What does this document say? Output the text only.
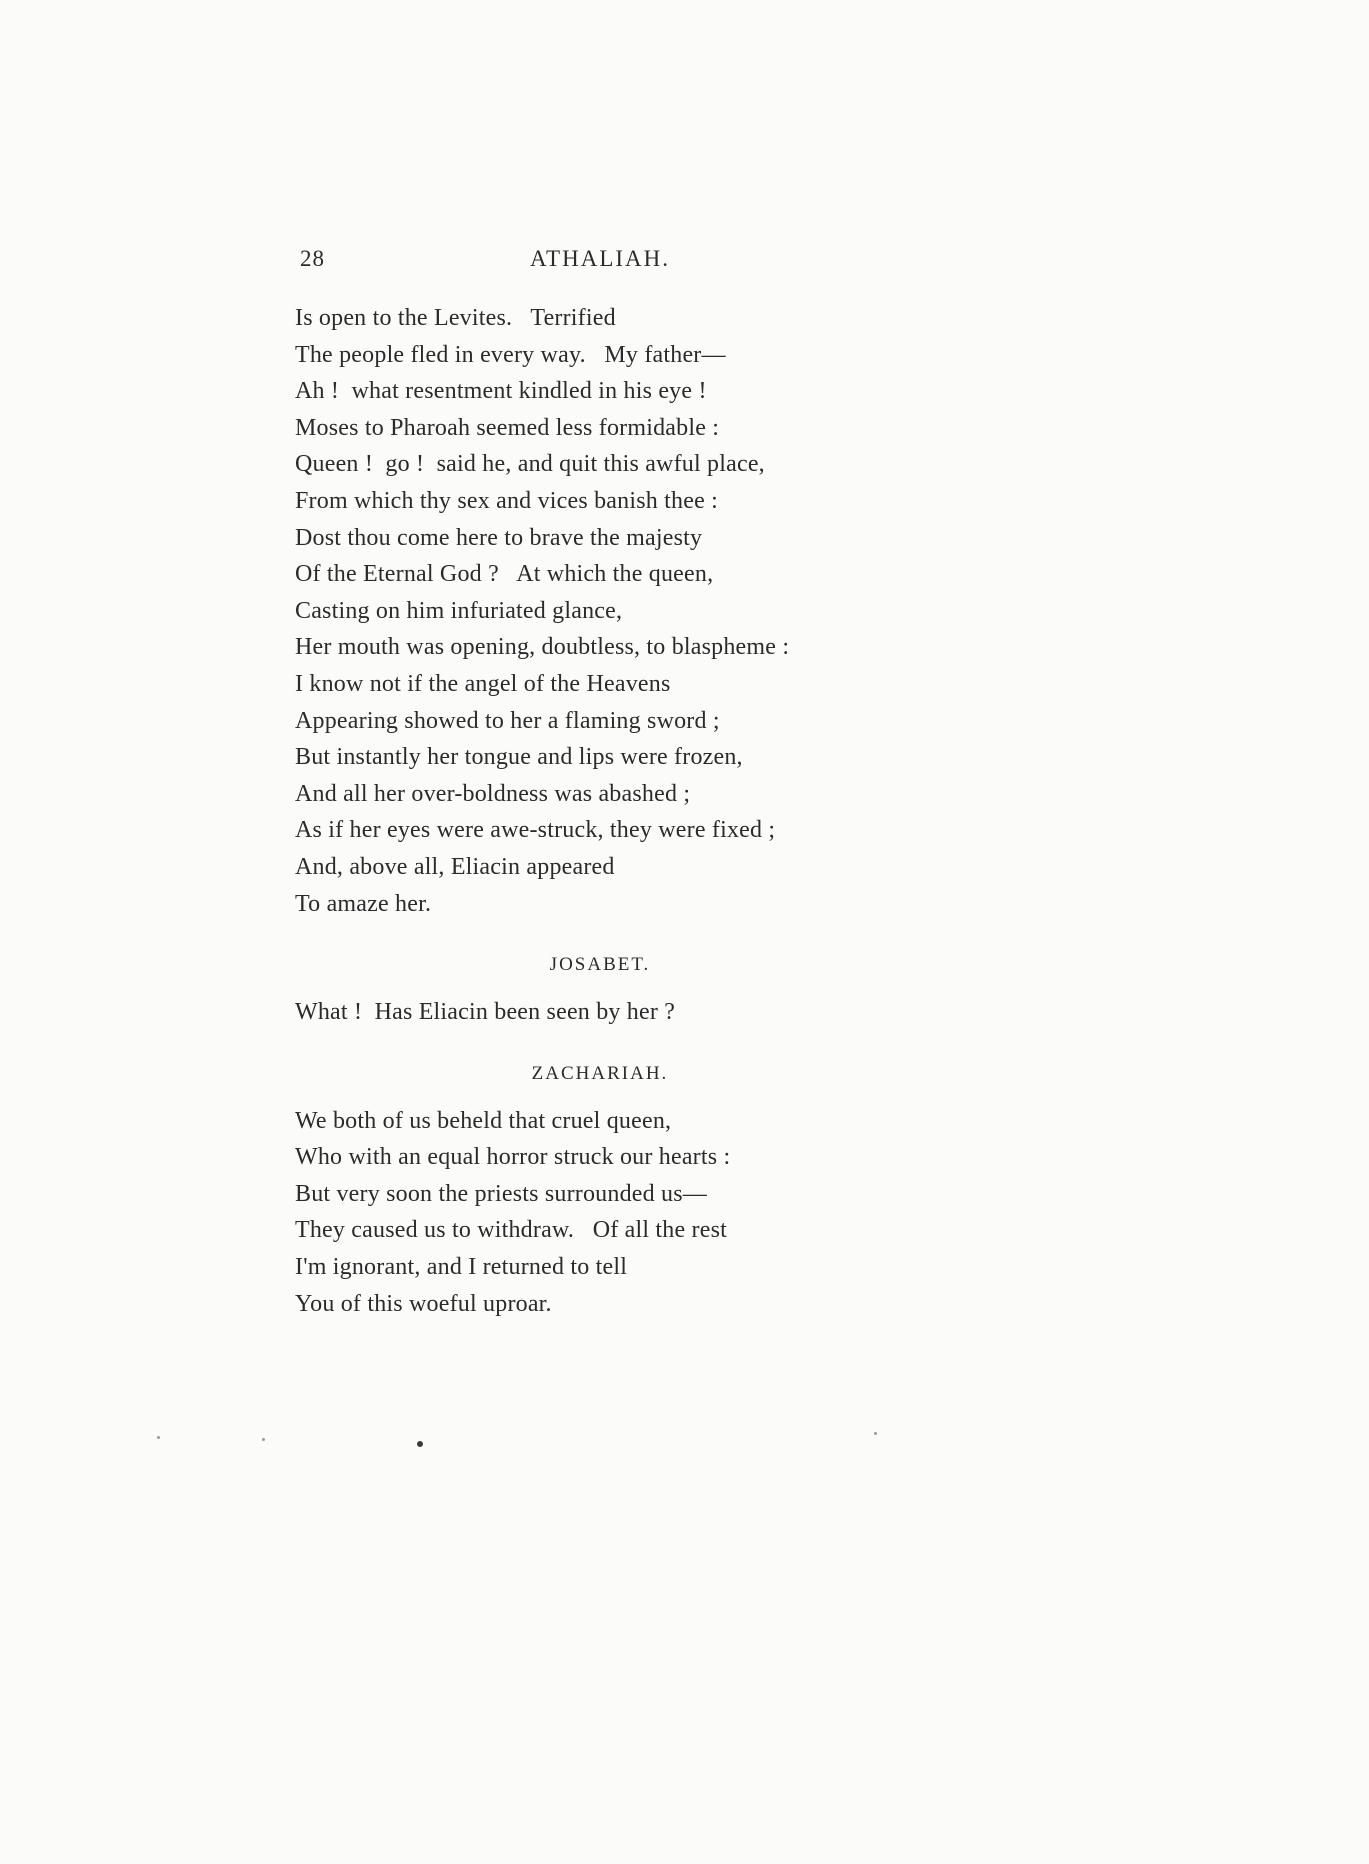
28	ATHALIAH.
Is open to the Levites.   Terrified
The people fled in every way.   My father—
Ah !  what resentment kindled in his eye !
Moses to Pharoah seemed less formidable :
Queen !  go !  said he, and quit this awful place,
From which thy sex and vices banish thee :
Dost thou come here to brave the majesty
Of the Eternal God ?   At which the queen,
Casting on him infuriated glance,
Her mouth was opening, doubtless, to blaspheme :
I know not if the angel of the Heavens
Appearing showed to her a flaming sword ;
But instantly her tongue and lips were frozen,
And all her over-boldness was abashed ;
As if her eyes were awe-struck, they were fixed ;
And, above all, Eliacin appeared
To amaze her.
JOSABET.
What !  Has Eliacin been seen by her ?
ZACHARIAH.
We both of us beheld that cruel queen,
Who with an equal horror struck our hearts :
But very soon the priests surrounded us—
They caused us to withdraw.   Of all the rest
I'm ignorant, and I returned to tell
You of this woeful uproar.
